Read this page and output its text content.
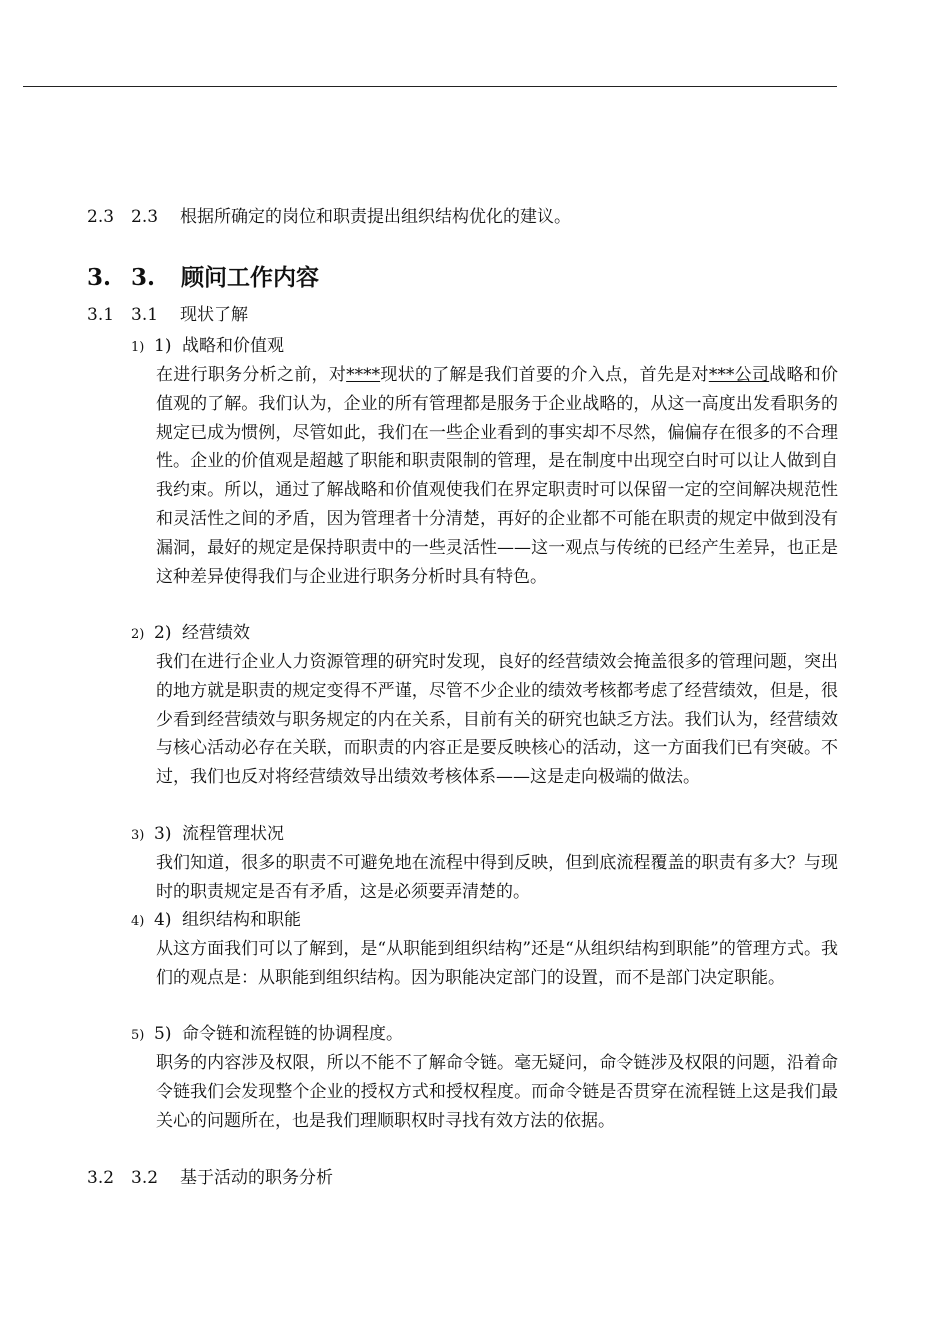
2.3 2.3 根据所确定的岗位和职责提出组织结构优化的建议。
3. 3. 顾问工作内容
3.1 3.1 现状了解
1) 1) 战略和价值观

在进行职务分析之前，对****现状的了解是我们首要的介入点，首先是对***公司战略和价值观的了解。我们认为，企业的所有管理都是服务于企业战略的，从这一高度出发看职务的规定已成为惯例，尽管如此，我们在一些企业看到的事实却不尽然，偏偏存在很多的不合理性。企业的价值观是超越了职能和职责限制的管理，是在制度中出现空白时可以让人做到自我约束。所以，通过了解战略和价值观使我们在界定职责时可以保留一定的空间解决规范性和灵活性之间的矛盾，因为管理者十分清楚，再好的企业都不可能在职责的规定中做到没有漏洞，最好的规定是保持职责中的一些灵活性——这一观点与传统的已经产生差异，也正是这种差异使得我们与企业进行职务分析时具有特色。

2) 2) 经营绩效

我们在进行企业人力资源管理的研究时发现，良好的经营绩效会掩盖很多的管理问题，突出的地方就是职责的规定变得不严谨，尽管不少企业的绩效考核都考虑了经营绩效，但是，很少看到经营绩效与职务规定的内在关系，目前有关的研究也缺乏方法。我们认为，经营绩效与核心活动必存在关联，而职责的内容正是要反映核心的活动，这一方面我们已有突破。不过，我们也反对将经营绩效导出绩效考核体系——这是走向极端的做法。

3) 3) 流程管理状况

我们知道，很多的职责不可避免地在流程中得到反映，但到底流程覆盖的职责有多大？与现时的职责规定是否有矛盾，这是必须要弄清楚的。

4) 4) 组织结构和职能

从这方面我们可以了解到，是“从职能到组织结构”还是“从组织结构到职能”的管理方式。我们的观点是：从职能到组织结构。因为职能决定部门的设置，而不是部门决定职能。

5) 5) 命令链和流程链的协调程度。

职务的内容涉及权限，所以不能不了解命令链。毫无疑问，命令链涉及权限的问题，沿着命令链我们会发现整个企业的授权方式和授权程度。而命令链是否贯穿在流程链上这是我们最关心的问题所在，也是我们理顺职权时寻找有效方法的依据。

3.2 3.2 基于活动的职务分析
